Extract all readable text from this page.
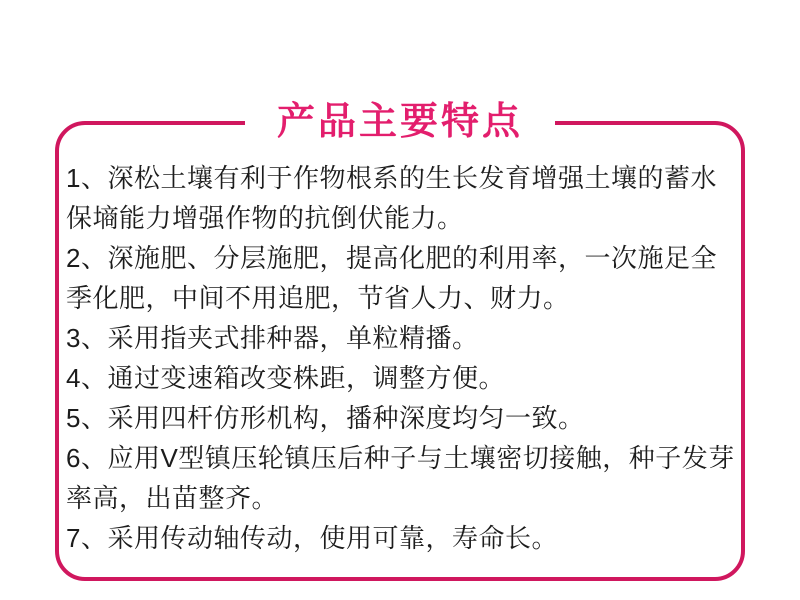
产品主要特点

1、深松土壤有利于作物根系的生长发育增强土壤的蓄水保墒能力增强作物的抗倒伏能力。

2、深施肥、分层施肥，提高化肥的利用率，一次施足全季化肥，中间不用追肥，节省人力、财力。

3、采用指夹式排种器，单粒精播。

4、通过变速箱改变株距，调整方便。

5、采用四杆仿形机构，播种深度均匀一致。

6、应用V型镇压轮镇压后种子与土壤密切接触，种子发芽率高，出苗整齐。

7、采用传动轴传动，使用可靠，寿命长。
